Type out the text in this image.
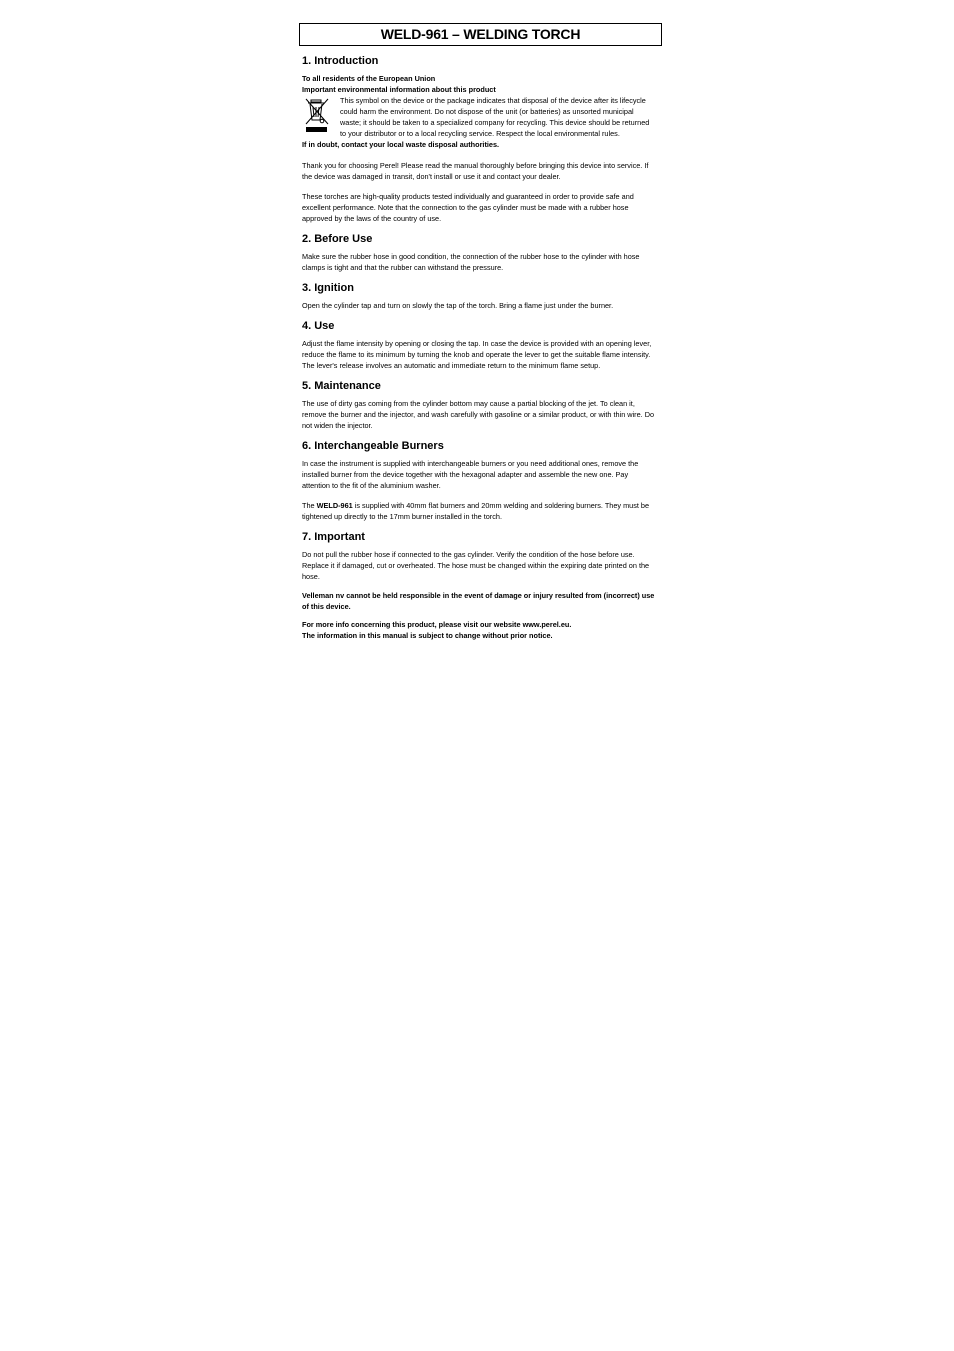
WELD-961 – WELDING TORCH
1. Introduction

To all residents of the European Union

Important environmental information about this product

This symbol on the device or the package indicates that disposal of the device after its lifecycle could harm the environment. Do not dispose of the unit (or batteries) as unsorted municipal waste; it should be taken to a specialized company for recycling. This device should be returned to your distributor or to a local recycling service. Respect the local environmental rules.

If in doubt, contact your local waste disposal authorities.

Thank you for choosing Perel! Please read the manual thoroughly before bringing this device into service. If the device was damaged in transit, don't install or use it and contact your dealer.

These torches are high-quality products tested individually and guaranteed in order to provide safe and excellent performance. Note that the connection to the gas cylinder must be made with a rubber hose approved by the laws of the country of use.

2. Before Use

Make sure the rubber hose in good condition, the connection of the rubber hose to the cylinder with hose clamps is tight and that the rubber can withstand the pressure.

3. Ignition

Open the cylinder tap and turn on slowly the tap of the torch. Bring a flame just under the burner.

4. Use

Adjust the flame intensity by opening or closing the tap. In case the device is provided with an opening lever, reduce the flame to its minimum by turning the knob and operate the lever to get the suitable flame intensity. The lever's release involves an automatic and immediate return to the minimum flame setup.

5. Maintenance

The use of dirty gas coming from the cylinder bottom may cause a partial blocking of the jet. To clean it, remove the burner and the injector, and wash carefully with gasoline or a similar product, or with thin wire. Do not widen the injector.

6. Interchangeable Burners

In case the instrument is supplied with interchangeable burners or you need additional ones, remove the installed burner from the device together with the hexagonal adapter and assemble the new one. Pay attention to the fit of the aluminium washer.

The WELD-961 is supplied with 40mm flat burners and 20mm welding and soldering burners. They must be tightened up directly to the 17mm burner installed in the torch.

7. Important

Do not pull the rubber hose if connected to the gas cylinder. Verify the condition of the hose before use. Replace it if damaged, cut or overheated. The hose must be changed within the expiring date printed on the hose.

Velleman nv cannot be held responsible in the event of damage or injury resulted from (incorrect) use of this device.

For more info concerning this product, please visit our website www.perel.eu.

The information in this manual is subject to change without prior notice.
